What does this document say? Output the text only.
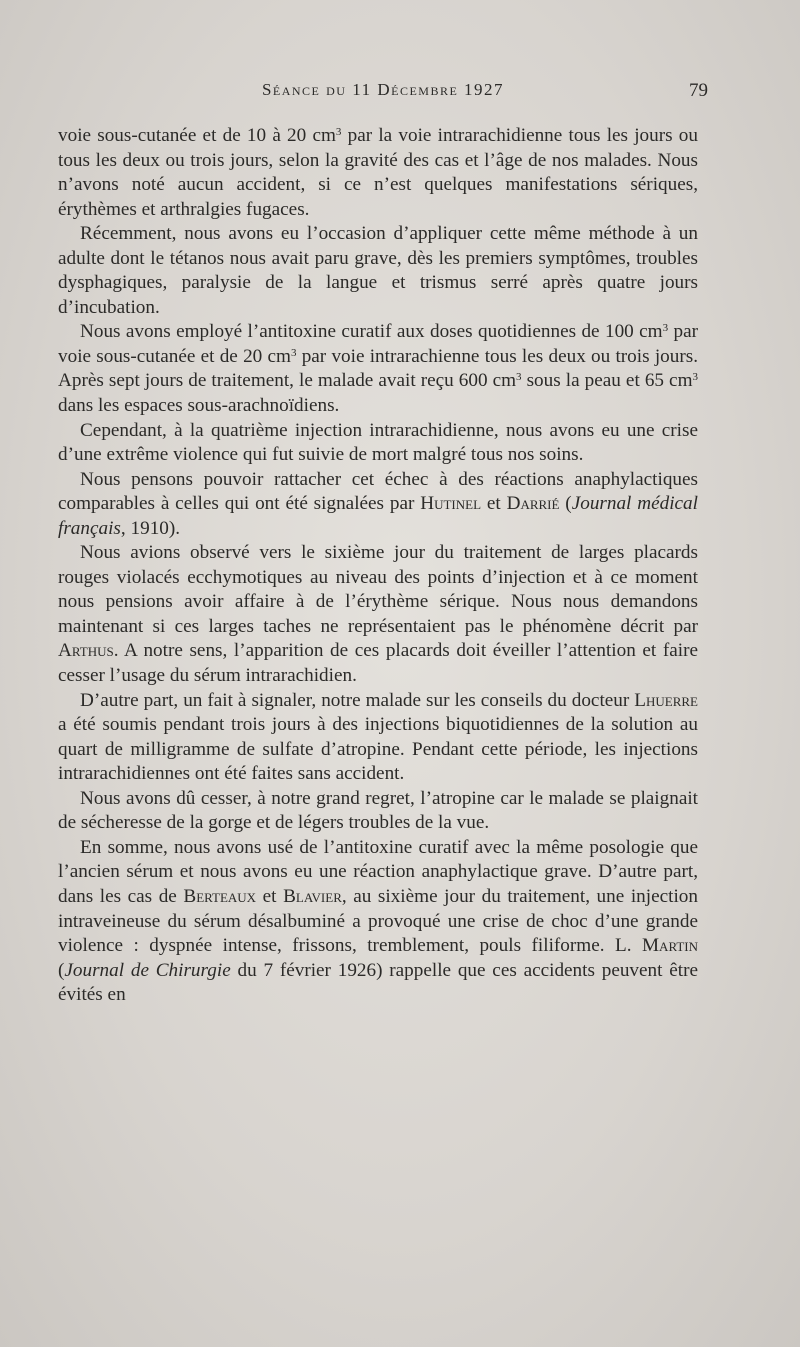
Séance du 11 Décembre 1927	79

voie sous-cutanée et de 10 à 20 $cm^3$ par la voie intrarachidienne tous les jours ou tous les deux ou trois jours, selon la gravité des cas et l’âge de nos malades. Nous n’avons noté aucun accident, si ce n’est quelques manifestations sériques, érythèmes et arthralgies fugaces.

Récemment, nous avons eu l’occasion d’appliquer cette même méthode à un adulte dont le tétanos nous avait paru grave, dès les premiers symptômes, troubles dysphagiques, paralysie de la langue et trismus serré après quatre jours d’incubation.

Nous avons employé l’antitoxine curatif aux doses quotidiennes de 100 $cm^3$ par voie sous-cutanée et de 20 $cm^3$ par voie intrarachienne tous les deux ou trois jours. Après sept jours de traitement, le malade avait reçu 600 $cm^3$ sous la peau et 65 $cm^3$ dans les espaces sous-arachnoïdiens.

Cependant, à la quatrième injection intrarachidienne, nous avons eu une crise d’une extrême violence qui fut suivie de mort malgré tous nos soins.

Nous pensons pouvoir rattacher cet échec à des réactions anaphylactiques comparables à celles qui ont été signalées par Hutinel et Darrié (Journal médical français, 1910).

Nous avions observé vers le sixième jour du traitement de larges placards rouges violacés ecchymotiques au niveau des points d’injection et à ce moment nous pensions avoir affaire à de l’érythème sérique. Nous nous demandons maintenant si ces larges taches ne représentaient pas le phénomène décrit par Arthus. A notre sens, l’apparition de ces placards doit éveiller l’attention et faire cesser l’usage du sérum intrarachidien.

D’autre part, un fait à signaler, notre malade sur les conseils du docteur Lhuerre a été soumis pendant trois jours à des injections biquotidiennes de la solution au quart de milligramme de sulfate d’atropine. Pendant cette période, les injections intrarachidiennes ont été faites sans accident.

Nous avons dû cesser, à notre grand regret, l’atropine car le malade se plaignait de sécheresse de la gorge et de légers troubles de la vue.

En somme, nous avons usé de l’antitoxine curatif avec la même posologie que l’ancien sérum et nous avons eu une réaction anaphylactique grave. D’autre part, dans les cas de Berteaux et Blavier, au sixième jour du traitement, une injection intraveineuse du sérum désalbuminé a provoqué une crise de choc d’une grande violence : dyspnée intense, frissons, tremblement, pouls filiforme. L. Martin (Journal de Chirurgie du 7 février 1926) rappelle que ces accidents peuvent être évités en
